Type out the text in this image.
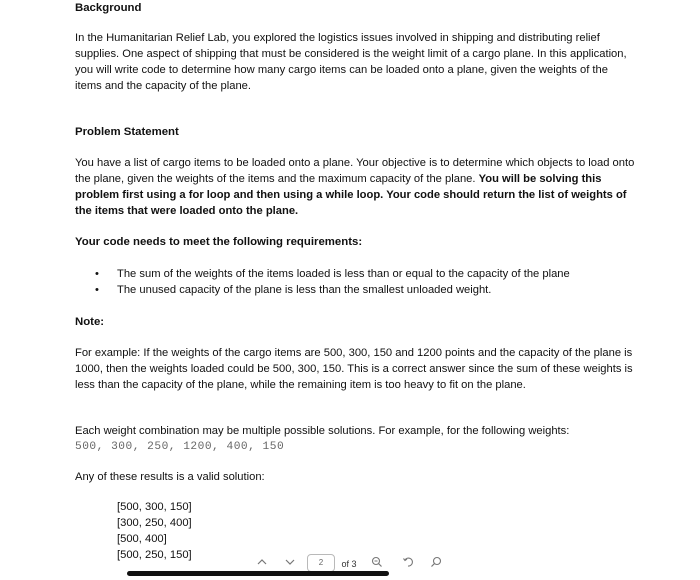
Background

In the Humanitarian Relief Lab, you explored the logistics issues involved in shipping and distributing relief supplies. One aspect of shipping that must be considered is the weight limit of a cargo plane. In this application, you will write code to determine how many cargo items can be loaded onto a plane, given the weights of the items and the capacity of the plane.

Problem Statement

You have a list of cargo items to be loaded onto a plane. Your objective is to determine which objects to load onto the plane, given the weights of the items and the maximum capacity of the plane. You will be solving this problem first using a for loop and then using a while loop. Your code should return the list of weights of the items that were loaded onto the plane.

Your code needs to meet the following requirements:

• The sum of the weights of the items loaded is less than or equal to the capacity of the plane
• The unused capacity of the plane is less than the smallest unloaded weight.

Note:

For example: If the weights of the cargo items are 500, 300, 150 and 1200 points and the capacity of the plane is 1000, then the weights loaded could be 500, 300, 150. This is a correct answer since the sum of these weights is less than the capacity of the plane, while the remaining item is too heavy to fit on the plane.

Each weight combination may be multiple possible solutions. For example, for the following weights:

500, 300, 250, 1200, 400, 150

Any of these results is a valid solution:

[500, 300, 150]
[300, 250, 400]
[500, 400]
[500, 250, 150]
2	of 3
